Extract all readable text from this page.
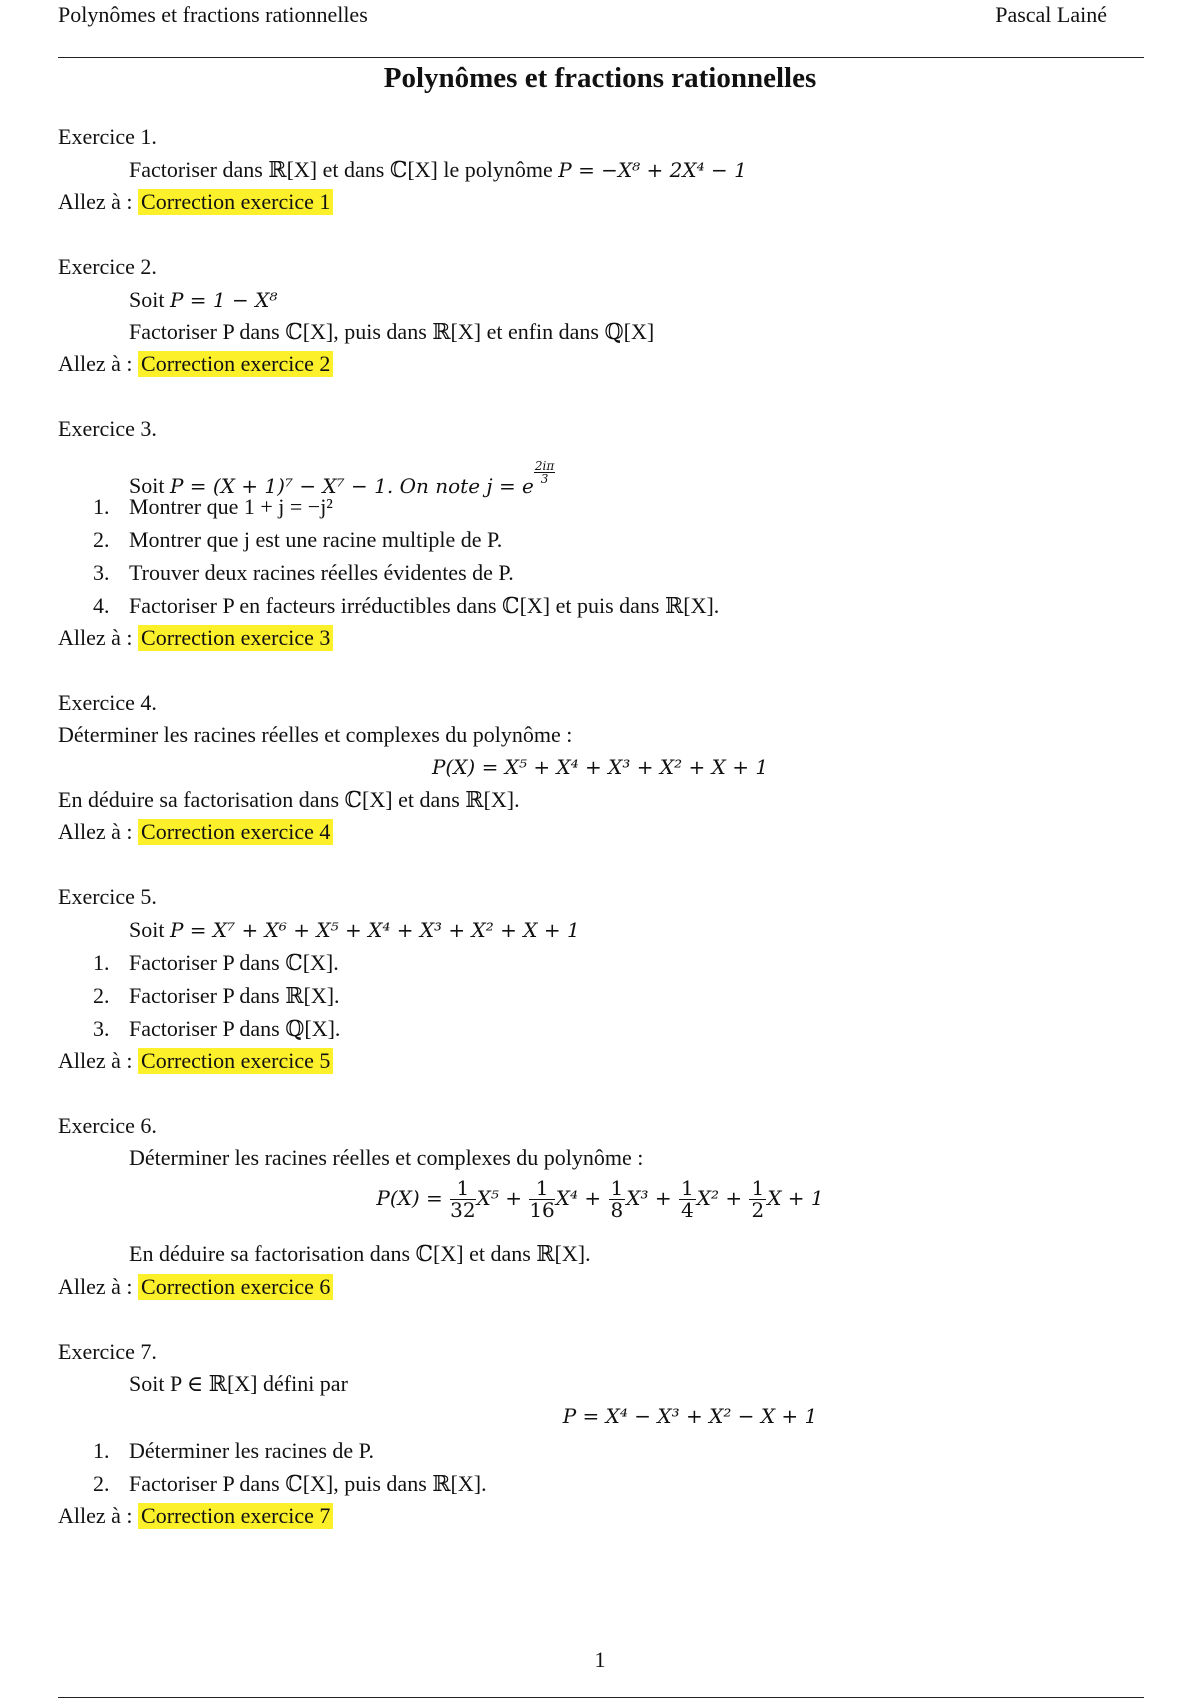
Polynômes et fractions rationnelles	Pascal Lainé
Polynômes et fractions rationnelles
Exercice 1.
Factoriser dans ℝ[X] et dans ℂ[X] le polynôme P = −X⁸ + 2X⁴ − 1
Allez à : Correction exercice 1
Exercice 2.
Soit P = 1 − X⁸
Factoriser P dans ℂ[X], puis dans ℝ[X] et enfin dans ℚ[X]
Allez à : Correction exercice 2
Exercice 3.
Soit P = (X + 1)⁷ − X⁷ − 1. On note j = e
$\frac{2i\pi}{3}$
1. Montrer que 1 + j = −j²
2. Montrer que j est une racine multiple de P.
3. Trouver deux racines réelles évidentes de P.
4. Factoriser P en facteurs irréductibles dans ℂ[X] et puis dans ℝ[X].
Allez à : Correction exercice 3
Exercice 4.
Déterminer les racines réelles et complexes du polynôme :
P(X) = X⁵ + X⁴ + X³ + X² + X + 1
En déduire sa factorisation dans ℂ[X] et dans ℝ[X].
Allez à : Correction exercice 4
Exercice 5.
Soit P = X⁷ + X⁶ + X⁵ + X⁴ + X³ + X² + X + 1
1. Factoriser P dans ℂ[X].
2. Factoriser P dans ℝ[X].
3. Factoriser P dans ℚ[X].
Allez à : Correction exercice 5
Exercice 6.
Déterminer les racines réelles et complexes du polynôme :
$P(X) = \frac{1}{32} X^5 + \frac{1}{16} X^4 + \frac{1}{8} X^3 + \frac{1}{4} X^2 + \frac{1}{2}$ X + 1
En déduire sa factorisation dans ℂ[X] et dans ℝ[X].
Allez à : Correction exercice 6
Exercice 7.
Soit P ∈ ℝ[X] défini par
P = X⁴ − X³ + X² − X + 1
1. Déterminer les racines de P.
2. Factoriser P dans ℂ[X], puis dans ℝ[X].
Allez à : Correction exercice 7
1
